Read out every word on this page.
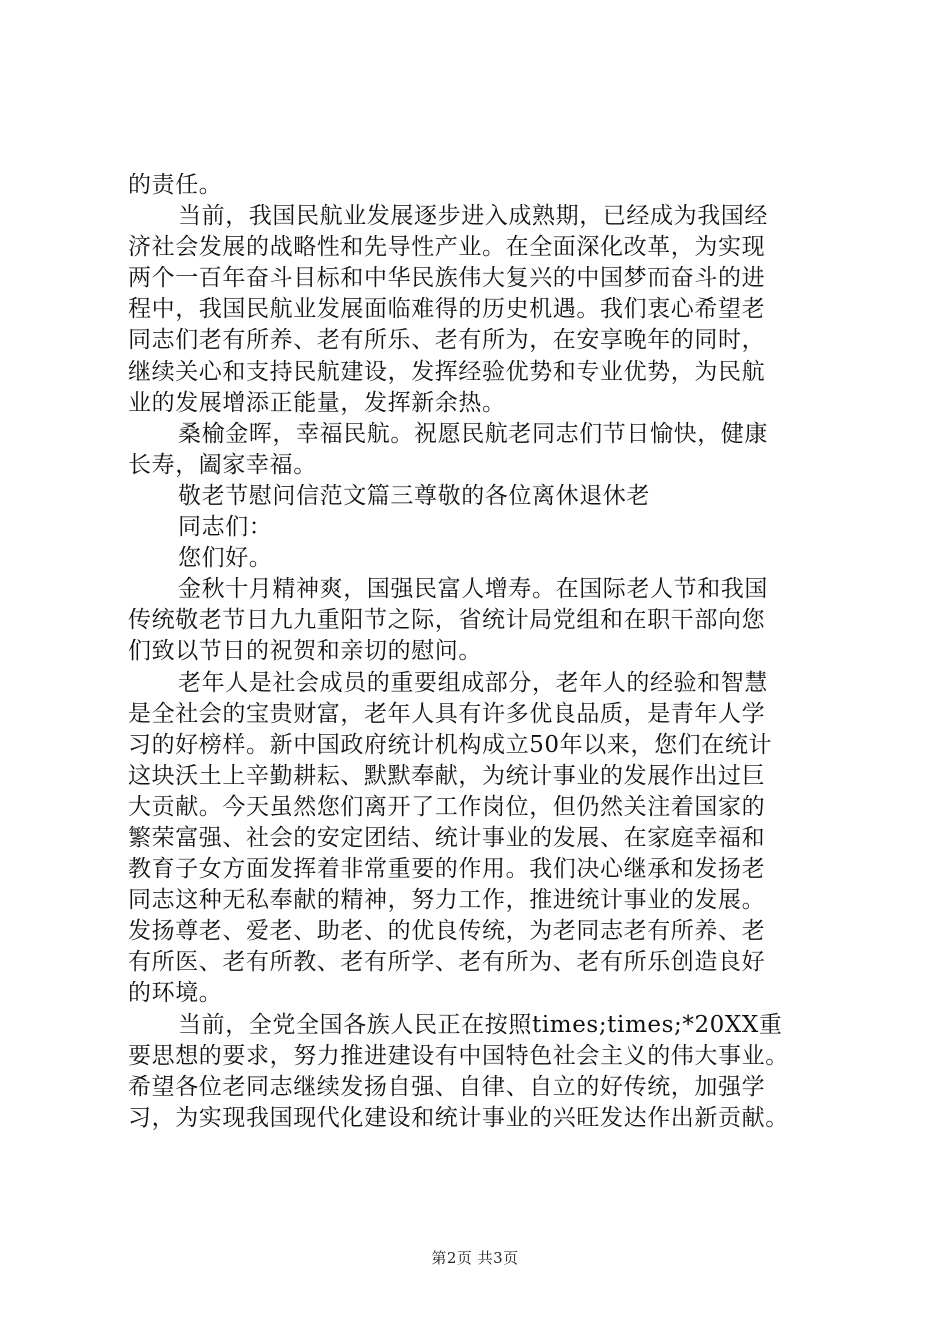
的责任。
当前，我国民航业发展逐步进入成熟期，已经成为我国经
济社会发展的战略性和先导性产业。在全面深化改革，为实现
两个一百年奋斗目标和中华民族伟大复兴的中国梦而奋斗的进
程中，我国民航业发展面临难得的历史机遇。我们衷心希望老
同志们老有所养、老有所乐、老有所为，在安享晚年的同时，
继续关心和支持民航建设，发挥经验优势和专业优势，为民航
业的发展增添正能量，发挥新余热。
桑榆金晖，幸福民航。祝愿民航老同志们节日愉快，健康
长寿，阖家幸福。
敬老节慰问信范文篇三尊敬的各位离休退休老
同志们：
您们好。
金秋十月精神爽，国强民富人增寿。在国际老人节和我国
传统敬老节日九九重阳节之际，省统计局党组和在职干部向您
们致以节日的祝贺和亲切的慰问。
老年人是社会成员的重要组成部分，老年人的经验和智慧
是全社会的宝贵财富，老年人具有许多优良品质，是青年人学
习的好榜样。新中国政府统计机构成立50年以来，您们在统计
这块沃土上辛勤耕耘、默默奉献，为统计事业的发展作出过巨
大贡献。今天虽然您们离开了工作岗位，但仍然关注着国家的
繁荣富强、社会的安定团结、统计事业的发展、在家庭幸福和
教育子女方面发挥着非常重要的作用。我们决心继承和发扬老
同志这种无私奉献的精神，努力工作，推进统计事业的发展。
发扬尊老、爱老、助老、的优良传统，为老同志老有所养、老
有所医、老有所教、老有所学、老有所为、老有所乐创造良好
的环境。
当前，全党全国各族人民正在按照times;times;*20XX重
要思想的要求，努力推进建设有中国特色社会主义的伟大事业。
希望各位老同志继续发扬自强、自律、自立的好传统，加强学
习，为实现我国现代化建设和统计事业的兴旺发达作出新贡献。
第2页 共3页
